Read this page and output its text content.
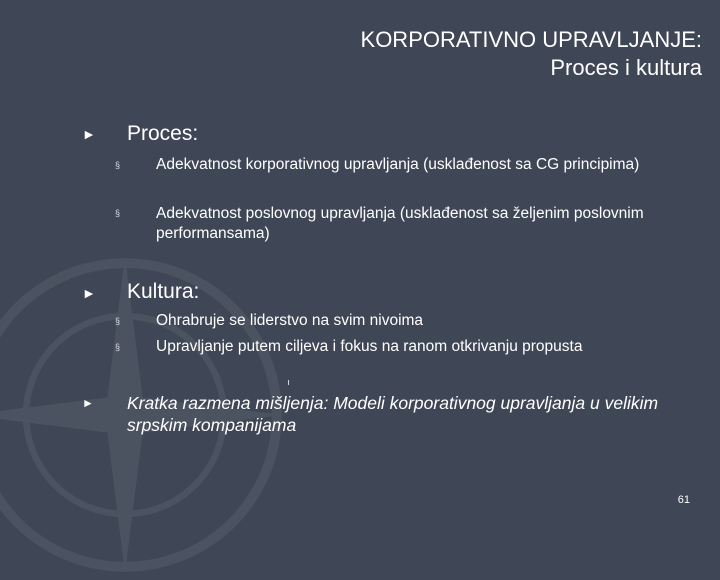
KORPORATIVNO UPRAVLJANJE:
Proces i kultura
► Proces:
§ Adekvatnost korporativnog upravljanja (usklađenost sa CG principima)
§ Adekvatnost poslovnog upravljanja (usklađenost sa željenim poslovnim performansama)
► Kultura:
§ Ohrabruje se liderstvo na svim nivoima
§ Upravljanje putem ciljeva i fokus na ranom otkrivanju propusta
► Kratka razmena mišljenja: Modeli korporativnog upravljanja u velikim srpskim kompanijama
61
